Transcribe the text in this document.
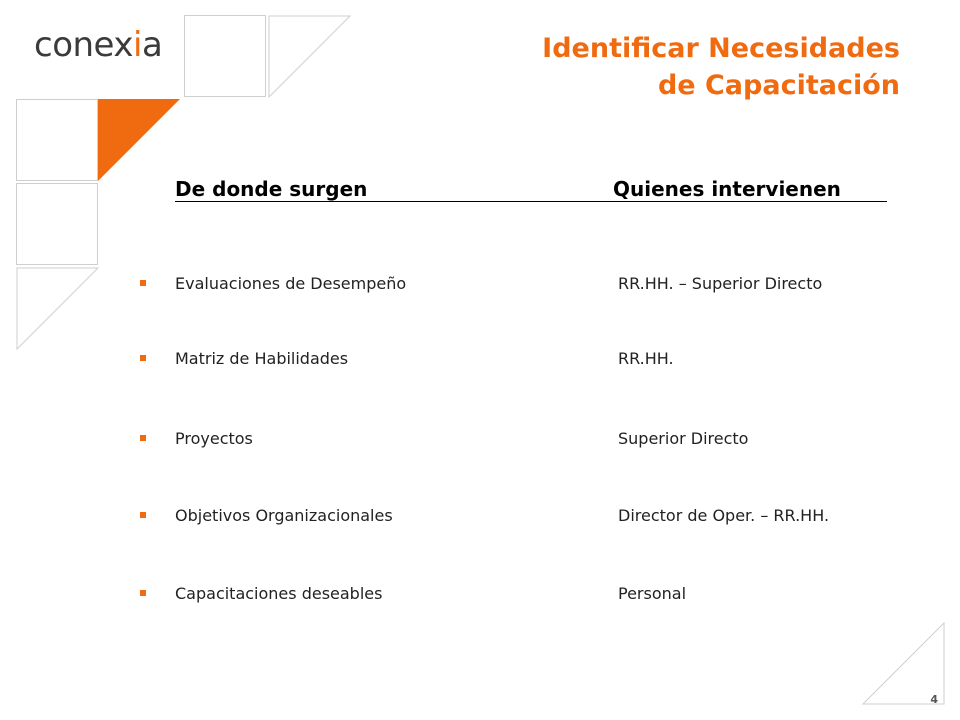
conexia	Identificar Necesidades
de Capacitación
De donde surgen	Quienes intervienen
Evaluaciones de Desempeño	RR.HH. – Superior Directo
Matriz de Habilidades	RR.HH.
Proyectos	Superior Directo
Objetivos Organizacionales	Director de Oper. – RR.HH.
Capacitaciones deseables	Personal
4
